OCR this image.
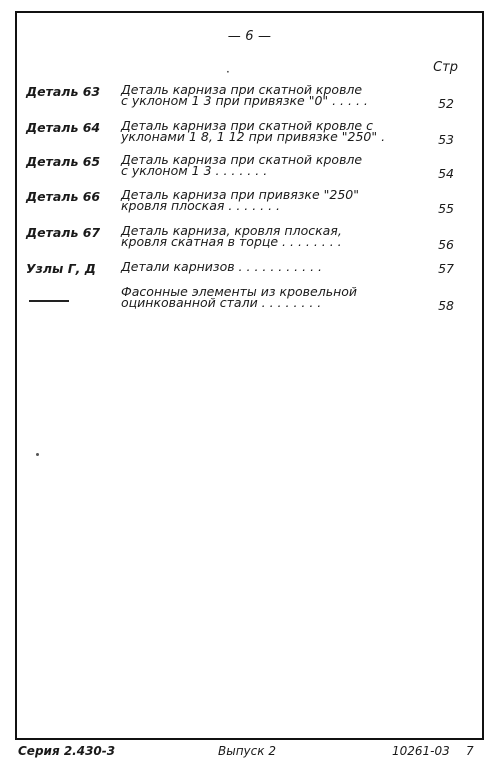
— 6 —
·	Стр
Деталь 63 Деталь карниза при скатной кровле
с уклоном 1 3 при привязке "0" . . . . .	52
Деталь 64 Деталь карниза при скатной кровле с
уклонами 1 8, 1 12 при привязке "250" .	53
Деталь 65 Деталь карниза при скатной кровле
с уклоном 1 3 . . . . . . .	54
Деталь 66 Деталь карниза при привязке "250"
кровля плоская . . . . . . .	55
Деталь 67 Деталь карниза, кровля плоская,
кровля скатная в торце . . . . . . . .	56
Узлы Г, Д Детали карнизов . . . . . . . . . . .	57
Фасонные элементы из кровельной
оцинкованной стали . . . . . . . .	58
Серия 2.430-3	Выпуск 2	10261-03 7
